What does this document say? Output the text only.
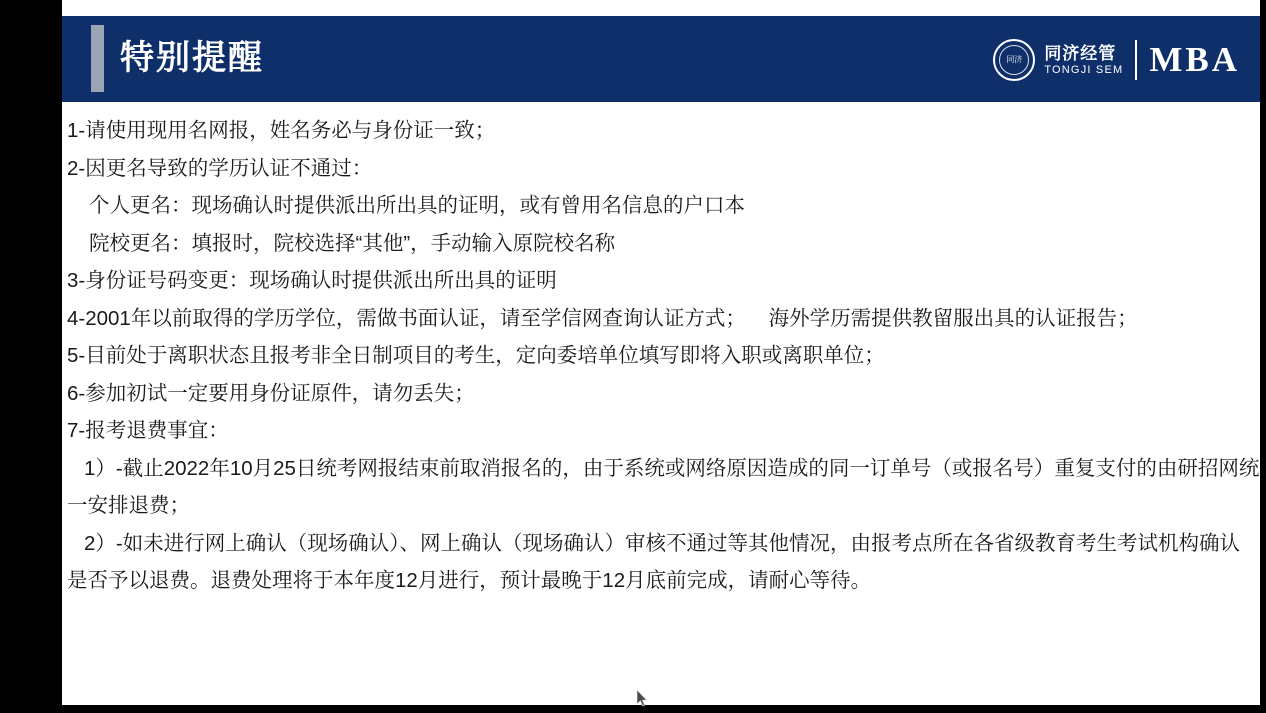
特别提醒	同济	同济经管
TONGJI SEM MBA
1-请使用现用名网报，姓名务必与身份证一致；
2-因更名导致的学历认证不通过：
个人更名：现场确认时提供派出所出具的证明，或有曾用名信息的户口本
院校更名：填报时，院校选择“其他”，手动输入原院校名称
3-身份证号码变更：现场确认时提供派出所出具的证明
4-2001年以前取得的学历学位，需做书面认证，请至学信网查询认证方式；    海外学历需提供教留服出具的认证报告；
5-目前处于离职状态且报考非全日制项目的考生，定向委培单位填写即将入职或离职单位；
6-参加初试一定要用身份证原件，请勿丢失；
7-报考退费事宜：
1）-截止2022年10月25日统考网报结束前取消报名的，由于系统或网络原因造成的同一订单号（或报名号）重复支付的由研招网统一安排退费；
2）-如未进行网上确认（现场确认）、网上确认（现场确认）审核不通过等其他情况，由报考点所在各省级教育考生考试机构确认是否予以退费。退费处理将于本年度12月进行，预计最晚于12月底前完成，请耐心等待。
